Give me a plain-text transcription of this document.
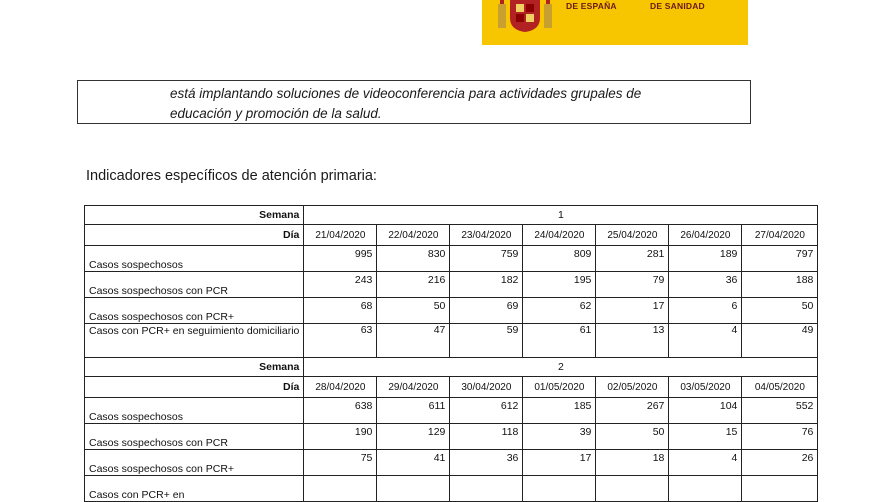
DE ESPAÑA	DE SANIDAD
está implantando soluciones de videoconferencia para actividades grupales de
educación y promoción de la salud.
Indicadores específicos de atención primaria:
Semana	1						
Día	21/04/2020	22/04/2020	23/04/2020	24/04/2020	25/04/2020	26/04/2020	27/04/2020
Casos sospechosos	995	830	759	809	281	189	797
Casos sospechosos con PCR	243	216	182	195	79	36	188
Casos sospechosos con PCR+	68	50	69	62	17	6	50
Casos con PCR+ en seguimiento domiciliario	63	47	59	61	13	4	49
Semana	2						
Día	28/04/2020	29/04/2020	30/04/2020	01/05/2020	02/05/2020	03/05/2020	04/05/2020
Casos sospechosos	638	611	612	185	267	104	552
Casos sospechosos con PCR	190	129	118	39	50	15	76
Casos sospechosos con PCR+	75	41	36	17	18	4	26
Casos con PCR+ en							
